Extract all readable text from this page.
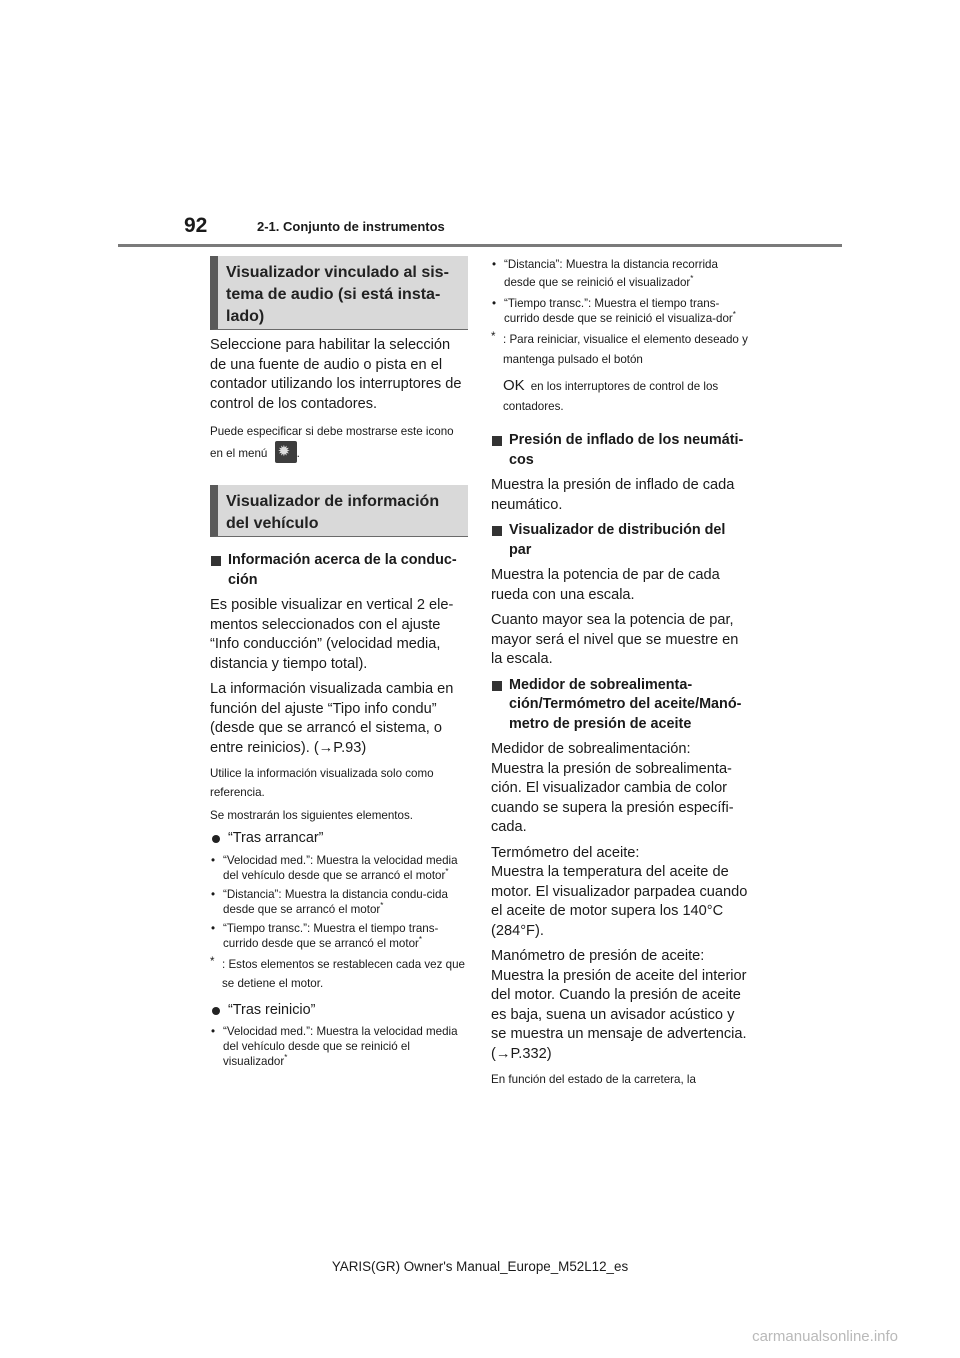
92	2-1. Conjunto de instrumentos
Visualizador vinculado al sis-tema de audio (si está insta-lado)

Seleccione para habilitar la selección de una fuente de audio o pista en el contador utilizando los interruptores de control de los contadores.

Puede especificar si debe mostrarse este icono en el menú ✹	.

Visualizador de información del vehículo
Información acerca de la conduc-ción

Es posible visualizar en vertical 2 ele-mentos seleccionados con el ajuste “Info conducción” (velocidad media, distancia y tiempo total).

La información visualizada cambia en función del ajuste “Tipo info condu” (desde que se arrancó el sistema, o entre reinicios). (→P.93)

Utilice la información visualizada solo como referencia.

Se mostrarán los siguientes elementos.

“Tras arrancar”
• “Velocidad med.”: Muestra la velocidad media del vehículo desde que se arrancó el motor*
• “Distancia”: Muestra la distancia condu-cida desde que se arrancó el motor*
• “Tiempo transc.”: Muestra el tiempo trans-currido desde que se arrancó el motor*
* : Estos elementos se restablecen cada vez que se detiene el motor.
“Tras reinicio”
• “Velocidad med.”: Muestra la velocidad media del vehículo desde que se reinició el visualizador*
• “Distancia”: Muestra la distancia recorrida desde que se reinició el visualizador*
• “Tiempo transc.”: Muestra el tiempo trans-currido desde que se reinició el visualiza-dor*
* : Para reiniciar, visualice el elemento deseado y mantenga pulsado el botón
OK en los interruptores de control de los contadores.
Presión de inflado de los neumáti-cos

Muestra la presión de inflado de cada neumático.

Visualizador de distribución del par

Muestra la potencia de par de cada rueda con una escala.

Cuanto mayor sea la potencia de par, mayor será el nivel que se muestre en la escala.

Medidor de sobrealimenta-ción/Termómetro del aceite/Manó-metro de presión de aceite

Medidor de sobrealimentación:
Muestra la presión de sobrealimenta-ción. El visualizador cambia de color cuando se supera la presión específi-cada.

Termómetro del aceite:
Muestra la temperatura del aceite de motor. El visualizador parpadea cuando el aceite de motor supera los 140°C (284°F).

Manómetro de presión de aceite:
Muestra la presión de aceite del interior del motor. Cuando la presión de aceite es baja, suena un avisador acústico y se muestra un mensaje de advertencia. (→P.332)

En función del estado de la carretera, la

YARIS(GR) Owner's Manual_Europe_M52L12_es
carmanualsonline.info
